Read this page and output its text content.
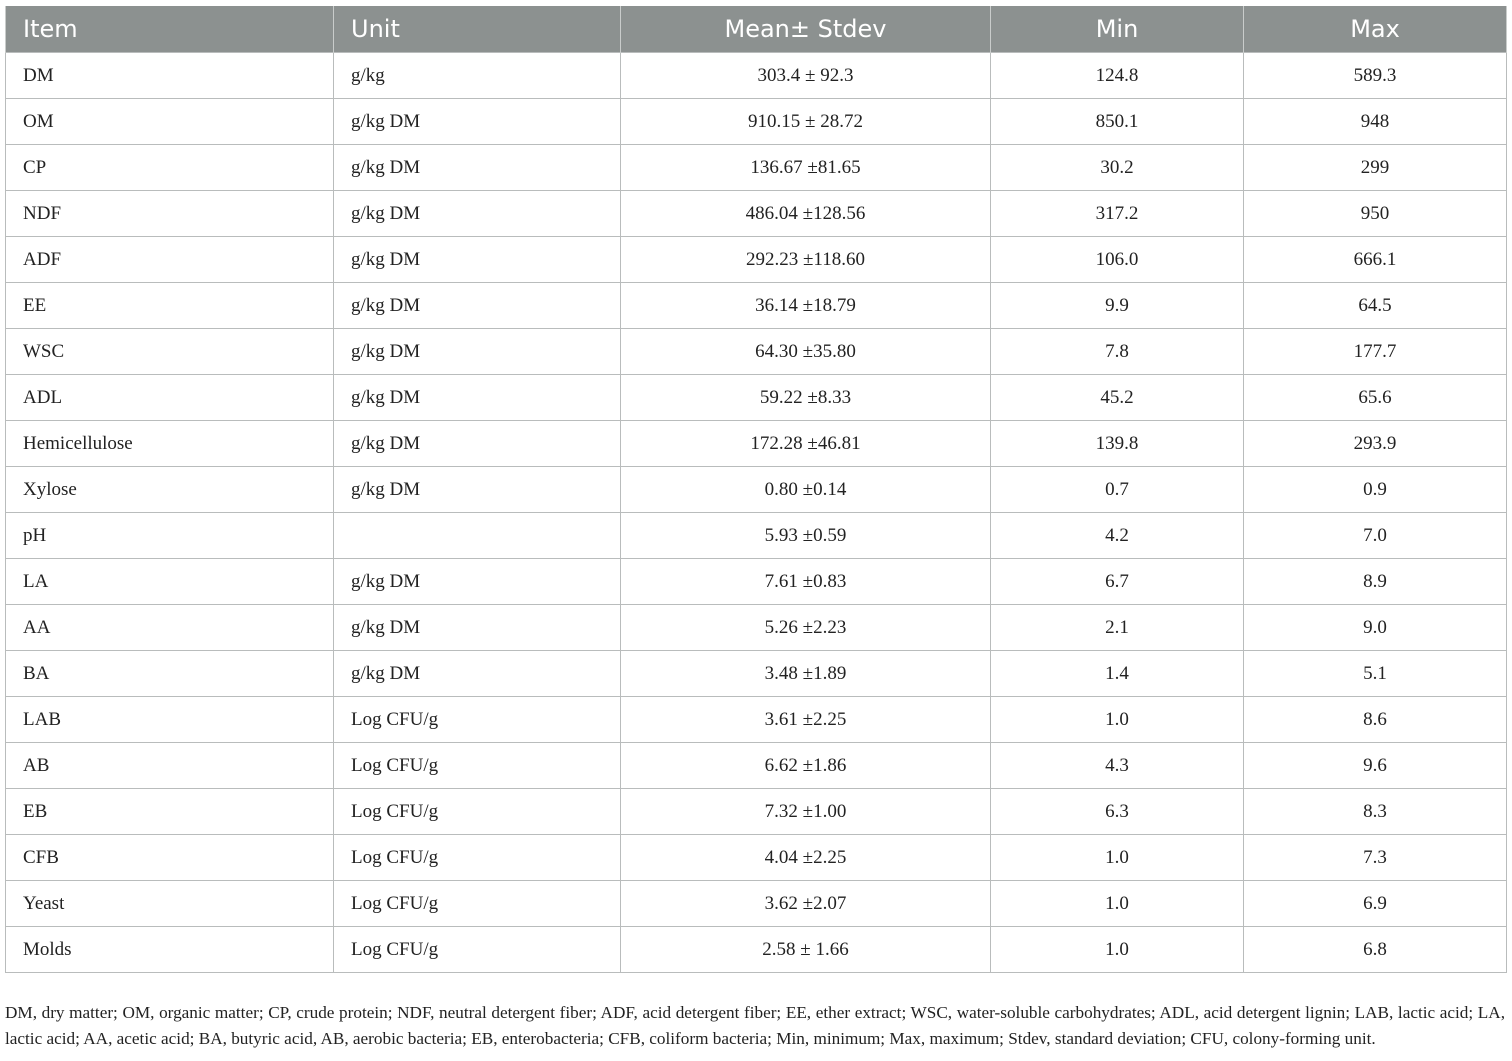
Item	Unit	Mean± Stdev	Min	Max
DM	g/kg	303.4 ± 92.3	124.8	589.3
OM	g/kg DM	910.15 ± 28.72	850.1	948
CP	g/kg DM	136.67 ±81.65	30.2	299
NDF	g/kg DM	486.04 ±128.56	317.2	950
ADF	g/kg DM	292.23 ±118.60	106.0	666.1
EE	g/kg DM	36.14 ±18.79	9.9	64.5
WSC	g/kg DM	64.30 ±35.80	7.8	177.7
ADL	g/kg DM	59.22 ±8.33	45.2	65.6
Hemicellulose	g/kg DM	172.28 ±46.81	139.8	293.9
Xylose	g/kg DM	0.80 ±0.14	0.7	0.9
pH		5.93 ±0.59	4.2	7.0
LA	g/kg DM	7.61 ±0.83	6.7	8.9
AA	g/kg DM	5.26 ±2.23	2.1	9.0
BA	g/kg DM	3.48 ±1.89	1.4	5.1
LAB	Log CFU/g	3.61 ±2.25	1.0	8.6
AB	Log CFU/g	6.62 ±1.86	4.3	9.6
EB	Log CFU/g	7.32 ±1.00	6.3	8.3
CFB	Log CFU/g	4.04 ±2.25	1.0	7.3
Yeast	Log CFU/g	3.62 ±2.07	1.0	6.9
Molds	Log CFU/g	2.58 ± 1.66	1.0	6.8

DM, dry matter; OM, organic matter; CP, crude protein; NDF, neutral detergent fiber; ADF, acid detergent fiber; EE, ether extract; WSC, water-soluble carbohydrates; ADL, acid detergent lignin; LAB, lactic acid; LA, lactic acid; AA, acetic acid; BA, butyric acid, AB, aerobic bacteria; EB, enterobacteria; CFB, coliform bacteria; Min, minimum; Max, maximum; Stdev, standard deviation; CFU, colony-forming unit.
